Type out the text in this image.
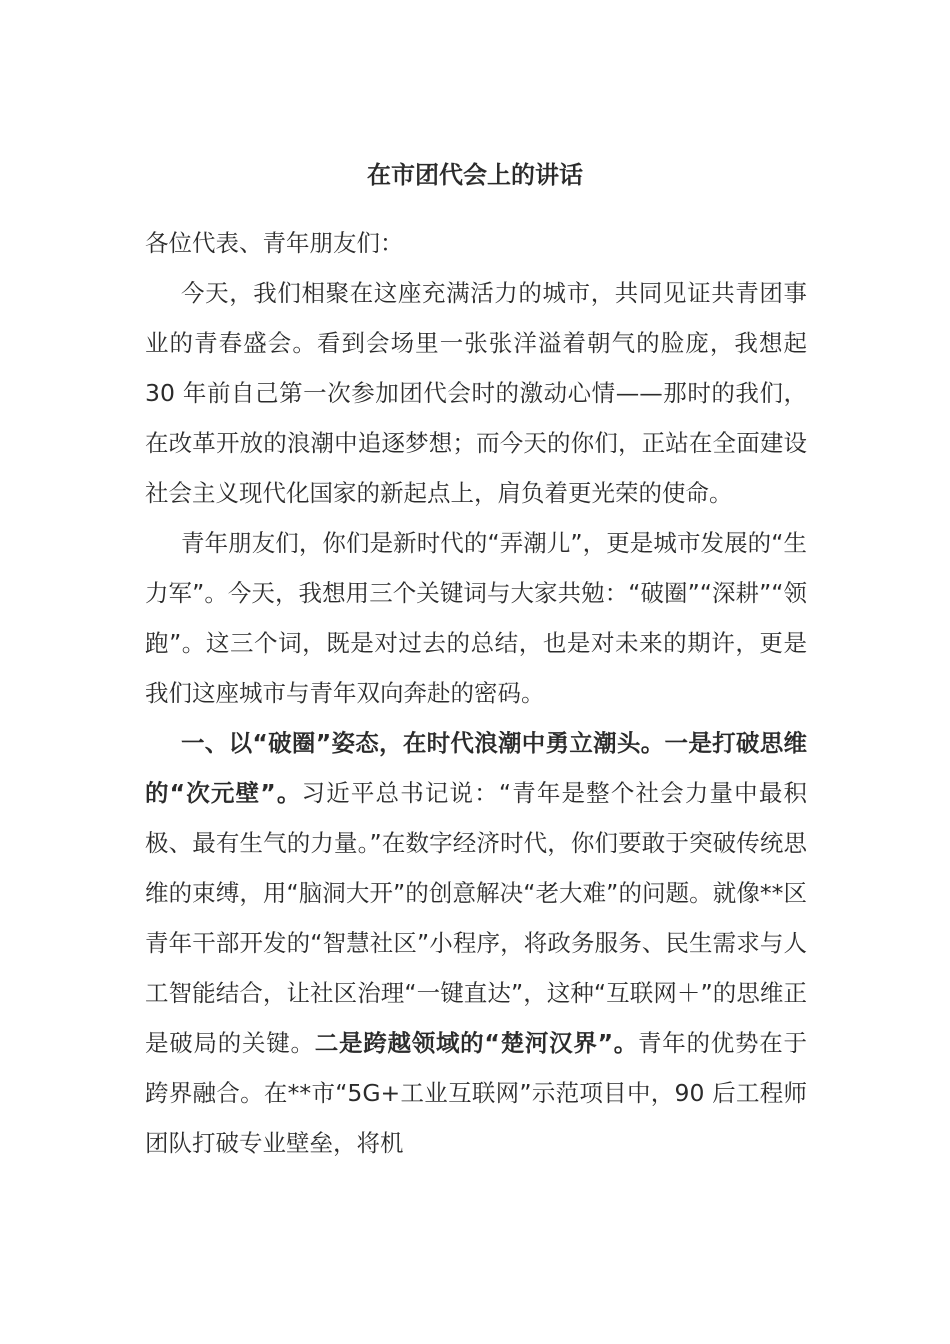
在市团代会上的讲话

各位代表、青年朋友们：

今天，我们相聚在这座充满活力的城市，共同见证共青团事业的青春盛会。看到会场里一张张洋溢着朝气的脸庞，我想起 30 年前自己第一次参加团代会时的激动心情——那时的我们，在改革开放的浪潮中追逐梦想；而今天的你们，正站在全面建设社会主义现代化国家的新起点上，肩负着更光荣的使命。

青年朋友们，你们是新时代的“弄潮儿”，更是城市发展的“生力军”。今天，我想用三个关键词与大家共勉：“破圈”“深耕”“领跑”。这三个词，既是对过去的总结，也是对未来的期许，更是我们这座城市与青年双向奔赴的密码。

一、以“破圈”姿态，在时代浪潮中勇立潮头。一是打破思维的“次元壁”。习近平总书记说：“青年是整个社会力量中最积极、最有生气的力量。”在数字经济时代，你们要敢于突破传统思维的束缚，用“脑洞大开”的创意解决“老大难”的问题。就像**区青年干部开发的“智慧社区”小程序，将政务服务、民生需求与人工智能结合，让社区治理“一键直达”，这种“互联网＋”的思维正是破局的关键。二是跨越领域的“楚河汉界”。青年的优势在于跨界融合。在**市“5G+工业互联网”示范项目中，90 后工程师团队打破专业壁垒，将机
